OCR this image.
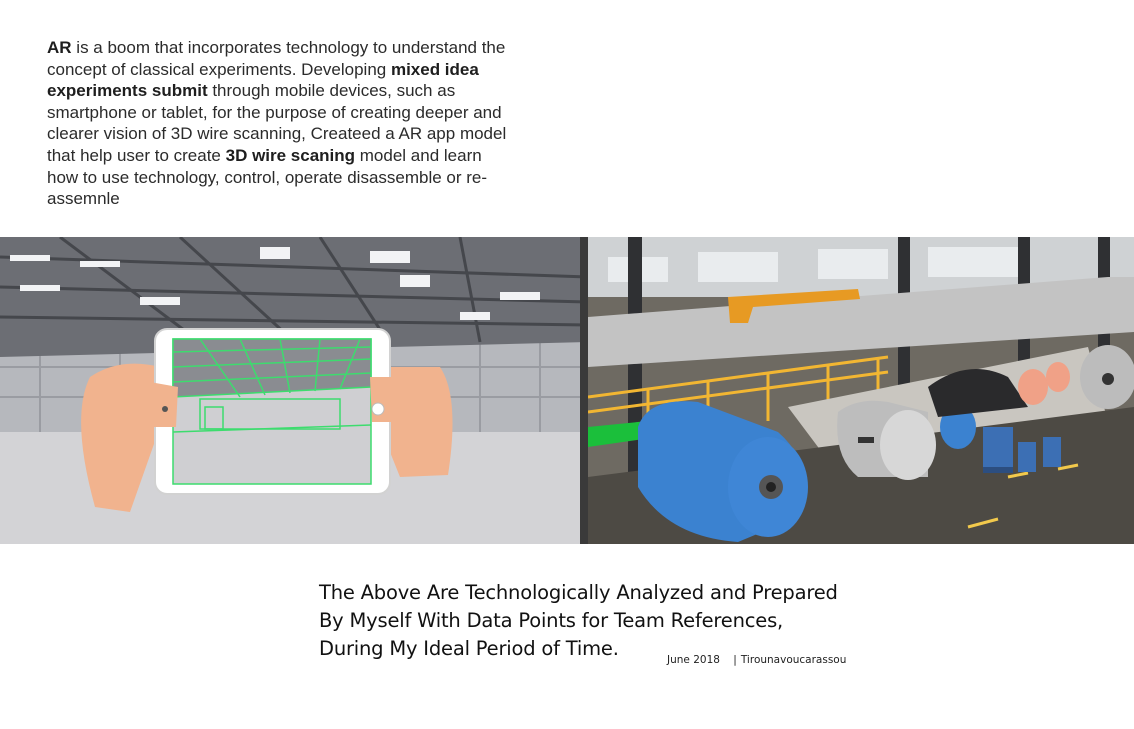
AR is a boom that incorporates technology to understand the concept of classical experiments. Developing mixed idea experiments submit through mobile devices, such as smartphone or tablet, for the purpose of creating deeper and clearer vision of 3D wire scanning, Createed a AR app model that help user to create 3D wire scaning model and learn how to use technology, control, operate disassemble or re-assemnle
The Above Are Technologically Analyzed and Prepared
By Myself With Data Points for Team References,
During My Ideal Period of Time.	June 2018 | Tirounavoucarassou
